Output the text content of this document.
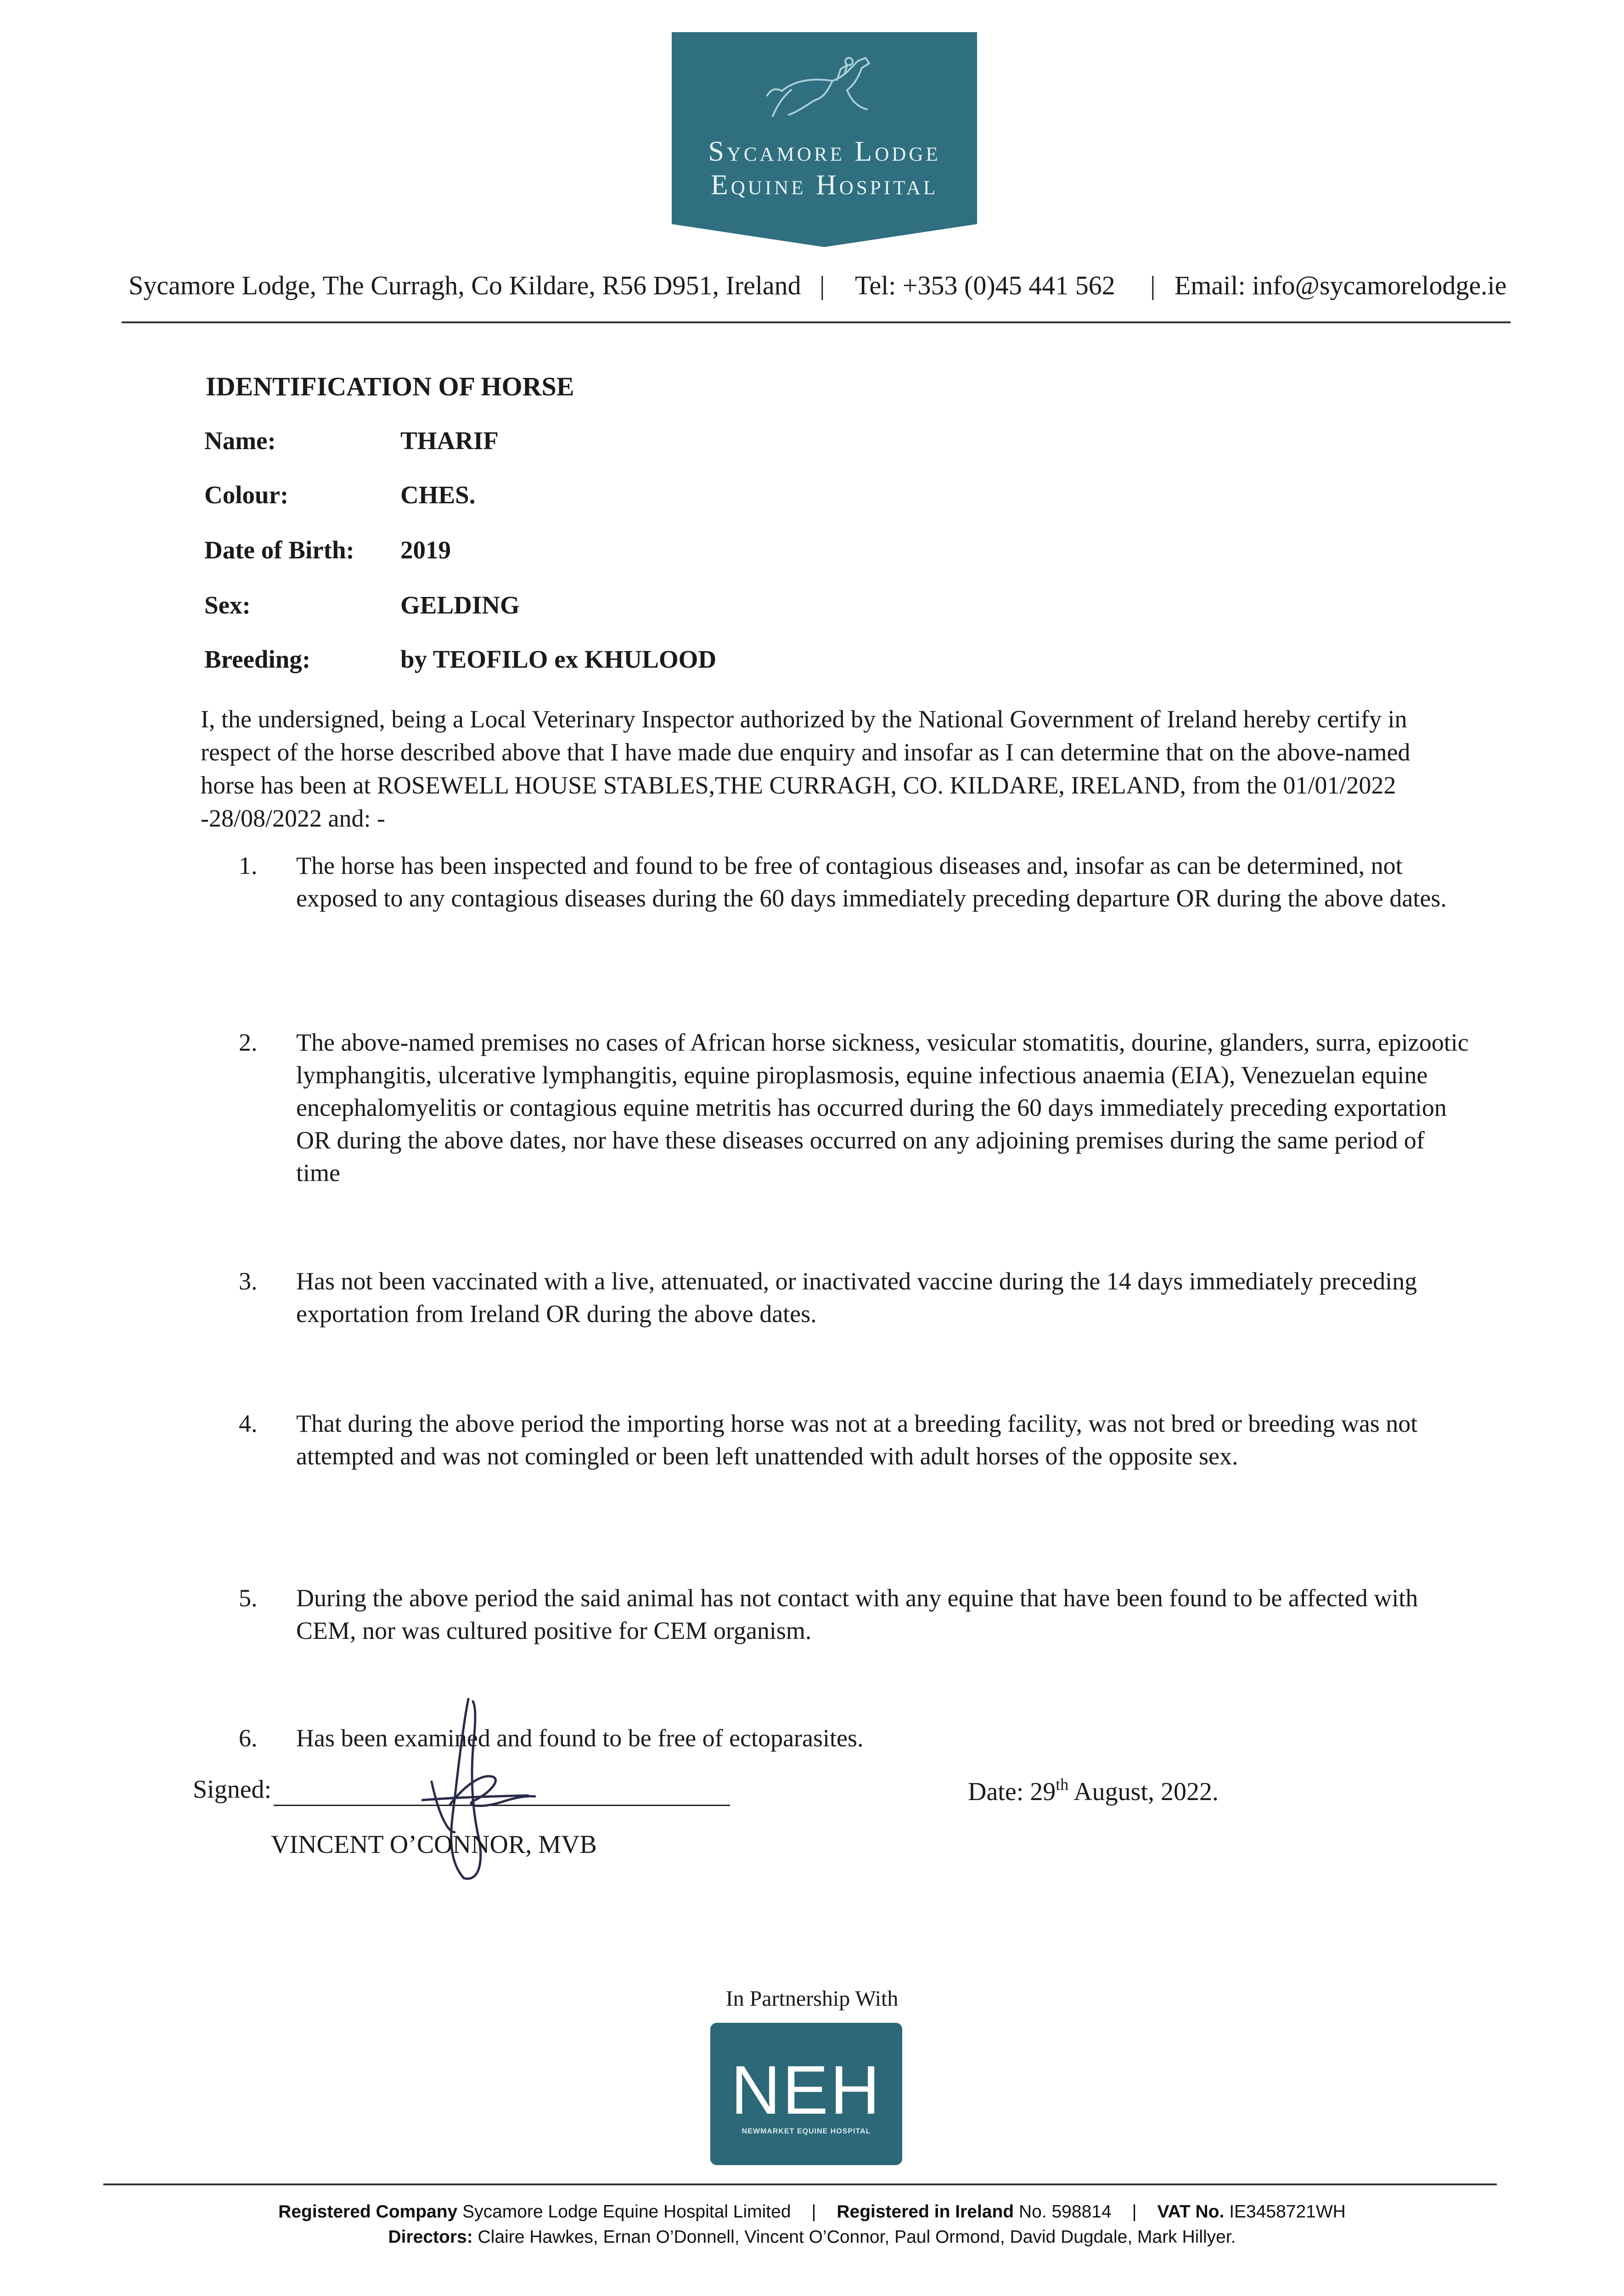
Sycamore Lodge
Equine Hospital
Sycamore Lodge, The Curragh, Co Kildare, R56 D951, Ireland | Tel: +353 (0)45 441 562 | Email: info@sycamorelodge.ie
IDENTIFICATION OF HORSE
Name:	THARIF
Colour:	CHES.
Date of Birth: 2019
Sex:	GELDING
Breeding:	by TEOFILO ex KHULOOD
I, the undersigned, being a Local Veterinary Inspector authorized by the National Government of Ireland hereby certify in respect of the horse described above that I have made due enquiry and insofar as I can determine that on the above-named horse has been at ROSEWELL HOUSE STABLES,THE CURRAGH, CO. KILDARE, IRELAND, from the 01/01/2022 -28/08/2022 and: -
1.	The horse has been inspected and found to be free of contagious diseases and, insofar as can be determined, not exposed to any contagious diseases during the 60 days immediately preceding departure OR during the above dates.
2.	The above-named premises no cases of African horse sickness, vesicular stomatitis, dourine, glanders, surra, epizootic lymphangitis, ulcerative lymphangitis, equine piroplasmosis, equine infectious anaemia (EIA), Venezuelan equine encephalomyelitis or contagious equine metritis has occurred during the 60 days immediately preceding exportation OR during the above dates, nor have these diseases occurred on any adjoining premises during the same period of time
3.	Has not been vaccinated with a live, attenuated, or inactivated vaccine during the 14 days immediately preceding exportation from Ireland OR during the above dates.
4.	That during the above period the importing horse was not at a breeding facility, was not bred or breeding was not attempted and was not comingled or been left unattended with adult horses of the opposite sex.
5.	During the above period the said animal has not contact with any equine that have been found to be affected with CEM, nor was cultured positive for CEM organism.
6.	Has been examined and found to be free of ectoparasites.
Signed:
VINCENT O’CONNOR, MVB
Date: 29th August, 2022.
In Partnership With
NEH
NEWMARKET EQUINE HOSPITAL
Registered Company Sycamore Lodge Equine Hospital Limited | Registered in Ireland No. 598814 | VAT No. IE3458721WH
Directors: Claire Hawkes, Ernan O’Donnell, Vincent O’Connor, Paul Ormond, David Dugdale, Mark Hillyer.
